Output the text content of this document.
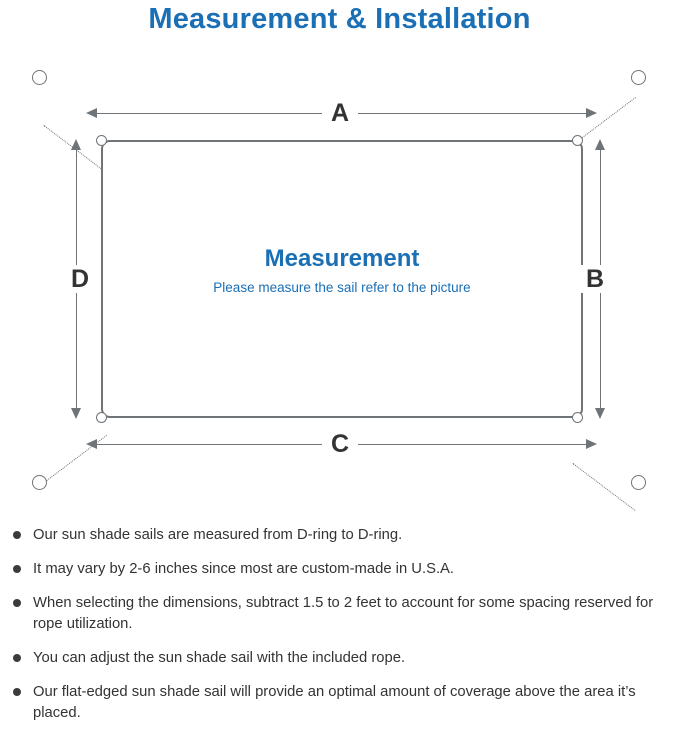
Measurement & Installation
Measurement
Please measure the sail refer to the picture
A
C
D	B
Our sun shade sails are measured from D-ring to D-ring.
It may vary by 2-6 inches since most are custom-made in U.S.A.
When selecting the dimensions, subtract 1.5 to 2 feet to account for some spacing reserved for rope utilization.
You can adjust the sun shade sail with the included rope.
Our flat-edged sun shade sail will provide an optimal amount of coverage above the area it’s placed.
